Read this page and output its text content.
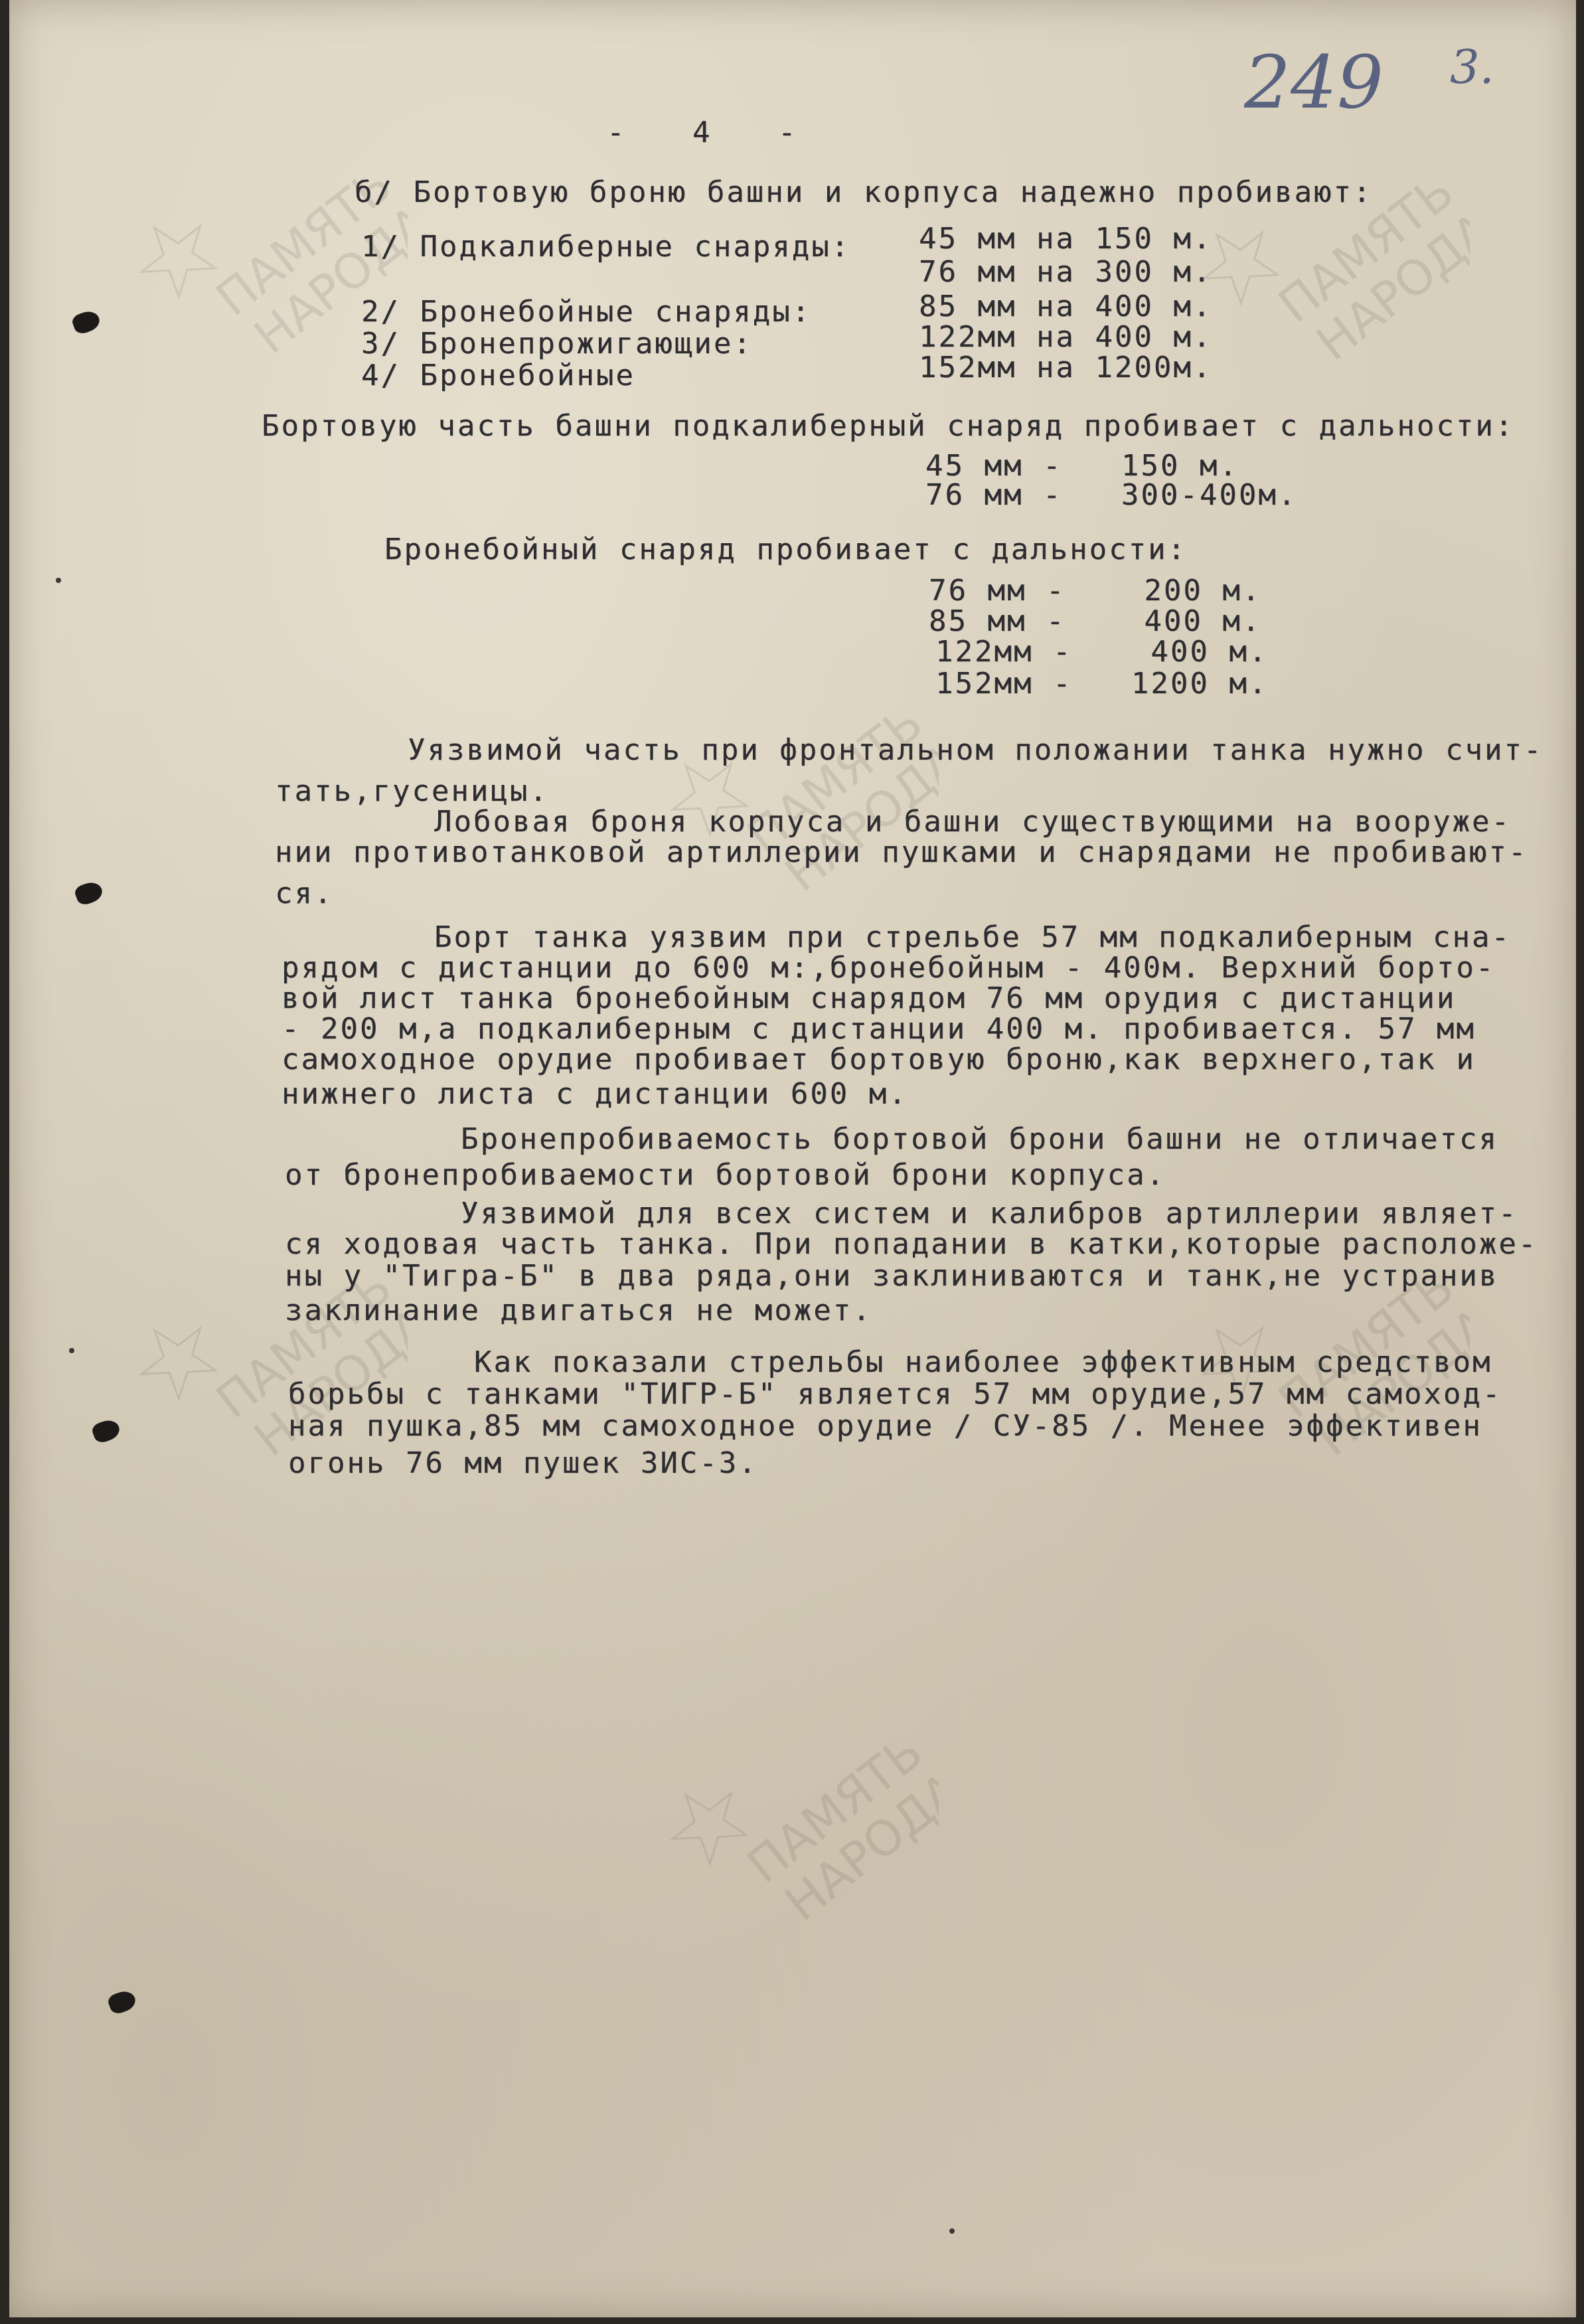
ПАМЯТЬ
НАРОДА	ПАМЯТЬ
НАРОДА
ПАМЯТЬ
НАРОДА
ПАМЯТЬ
НАРОДА	ПАМЯТЬ
НАРОДА
ПАМЯТЬ
НАРОДА
- 4 -
249 3.
б/ Бортовую броню башни и корпуса надежно пробивают:
1/ Подкалиберные снаряды: 45 мм на 150 м.
76 мм на 300 м.
2/ Бронебойные снаряды:	85 мм на 400 м.
3/ Бронепрожигающие:	122мм на 400 м.
4/ Бронебойные	152мм на 1200м.
Бортовую часть башни подкалиберный снаряд пробивает с дальности:
45 мм -   150 м.
76 мм -   300-400м.
Бронебойный снаряд пробивает с дальности:
76 мм -    200 м.
85 мм -    400 м.
122мм -    400 м.
152мм -   1200 м.
Уязвимой часть при фронтальном положании танка нужно счит-
тать,гусеницы.
Лобовая броня корпуса и башни существующими на вооруже-
нии противотанковой артиллерии пушками и снарядами не пробивают-
ся.
Борт танка уязвим при стрельбе 57 мм подкалиберным сна-
рядом с дистанции до 600 м:,бронебойным - 400м. Верхний борто-
вой лист танка бронебойным снарядом 76 мм орудия с дистанции
- 200 м,а подкалиберным с дистанции 400 м. пробивается. 57 мм
самоходное орудие пробивает бортовую броню,как верхнего,так и
нижнего листа с дистанции 600 м.
Бронепробиваемость бортовой брони башни не отличается
от бронепробиваемости бортовой брони корпуса.
Уязвимой для всех систем и калибров артиллерии являет-
ся ходовая часть танка. При попадании в катки,которые расположе-
ны у "Тигра-Б" в два ряда,они заклиниваются и танк,не устранив
заклинание двигаться не может.
Как показали стрельбы наиболее эффективным средством
борьбы с танками "ТИГР-Б" является 57 мм орудие,57 мм самоход-
ная пушка,85 мм самоходное орудие / СУ-85 /. Менее эффективен
огонь 76 мм пушек ЗИС-3.
